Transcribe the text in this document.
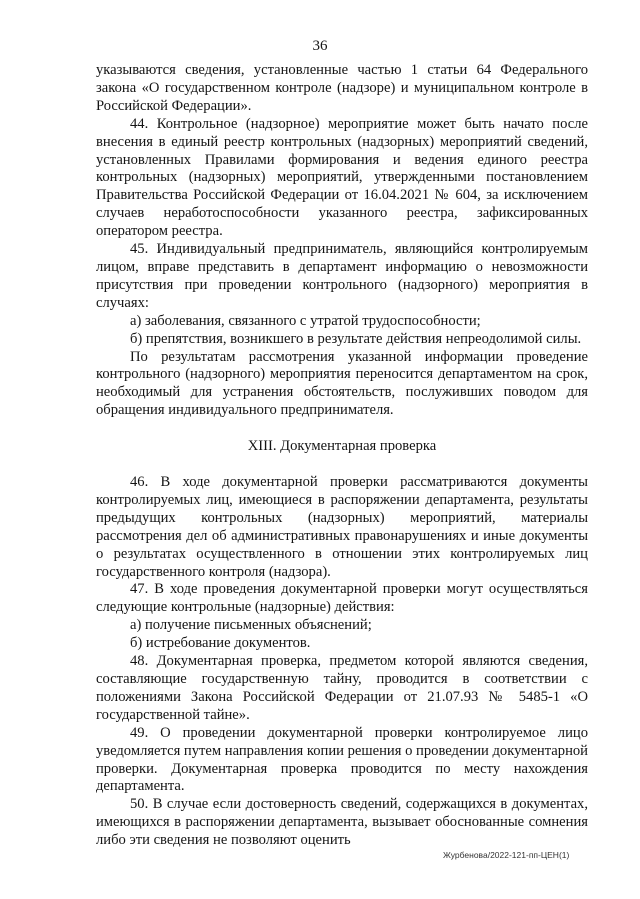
36

указываются сведения, установленные частью 1 статьи 64 Федерального закона «О государственном контроле (надзоре) и муниципальном контроле в Российской Федерации».

44. Контрольное (надзорное) мероприятие может быть начато после внесения в единый реестр контрольных (надзорных) мероприятий сведений, установленных Правилами формирования и ведения единого реестра контрольных (надзорных) мероприятий, утвержденными постановлением Правительства Российской Федерации от 16.04.2021 № 604, за исключением случаев неработоспособности указанного реестра, зафиксированных оператором реестра.

45. Индивидуальный предприниматель, являющийся контролируемым лицом, вправе представить в департамент информацию о невозможности присутствия при проведении контрольного (надзорного) мероприятия в случаях:

а) заболевания, связанного с утратой трудоспособности;

б) препятствия, возникшего в результате действия непреодолимой силы.

По результатам рассмотрения указанной информации проведение контрольного (надзорного) мероприятия переносится департаментом на срок, необходимый для устранения обстоятельств, послуживших поводом для обращения индивидуального предпринимателя.

XIII. Документарная проверка

46. В ходе документарной проверки рассматриваются документы контролируемых лиц, имеющиеся в распоряжении департамента, результаты предыдущих контрольных (надзорных) мероприятий, материалы рассмотрения дел об административных правонарушениях и иные документы о результатах осуществленного в отношении этих контролируемых лиц государственного контроля (надзора).

47. В ходе проведения документарной проверки могут осуществляться следующие контрольные (надзорные) действия:

а) получение письменных объяснений;

б) истребование документов.

48. Документарная проверка, предметом которой являются сведения, составляющие государственную тайну, проводится в соответствии с положениями Закона Российской Федерации от 21.07.93 № 5485-1 «О государственной тайне».

49. О проведении документарной проверки контролируемое лицо уведомляется путем направления копии решения о проведении документарной проверки. Документарная проверка проводится по месту нахождения департамента.

50. В случае если достоверность сведений, содержащихся в документах, имеющихся в распоряжении департамента, вызывает обоснованные сомнения либо эти сведения не позволяют оценить

Журбенова/2022-121-пп-ЦЕН(1)
